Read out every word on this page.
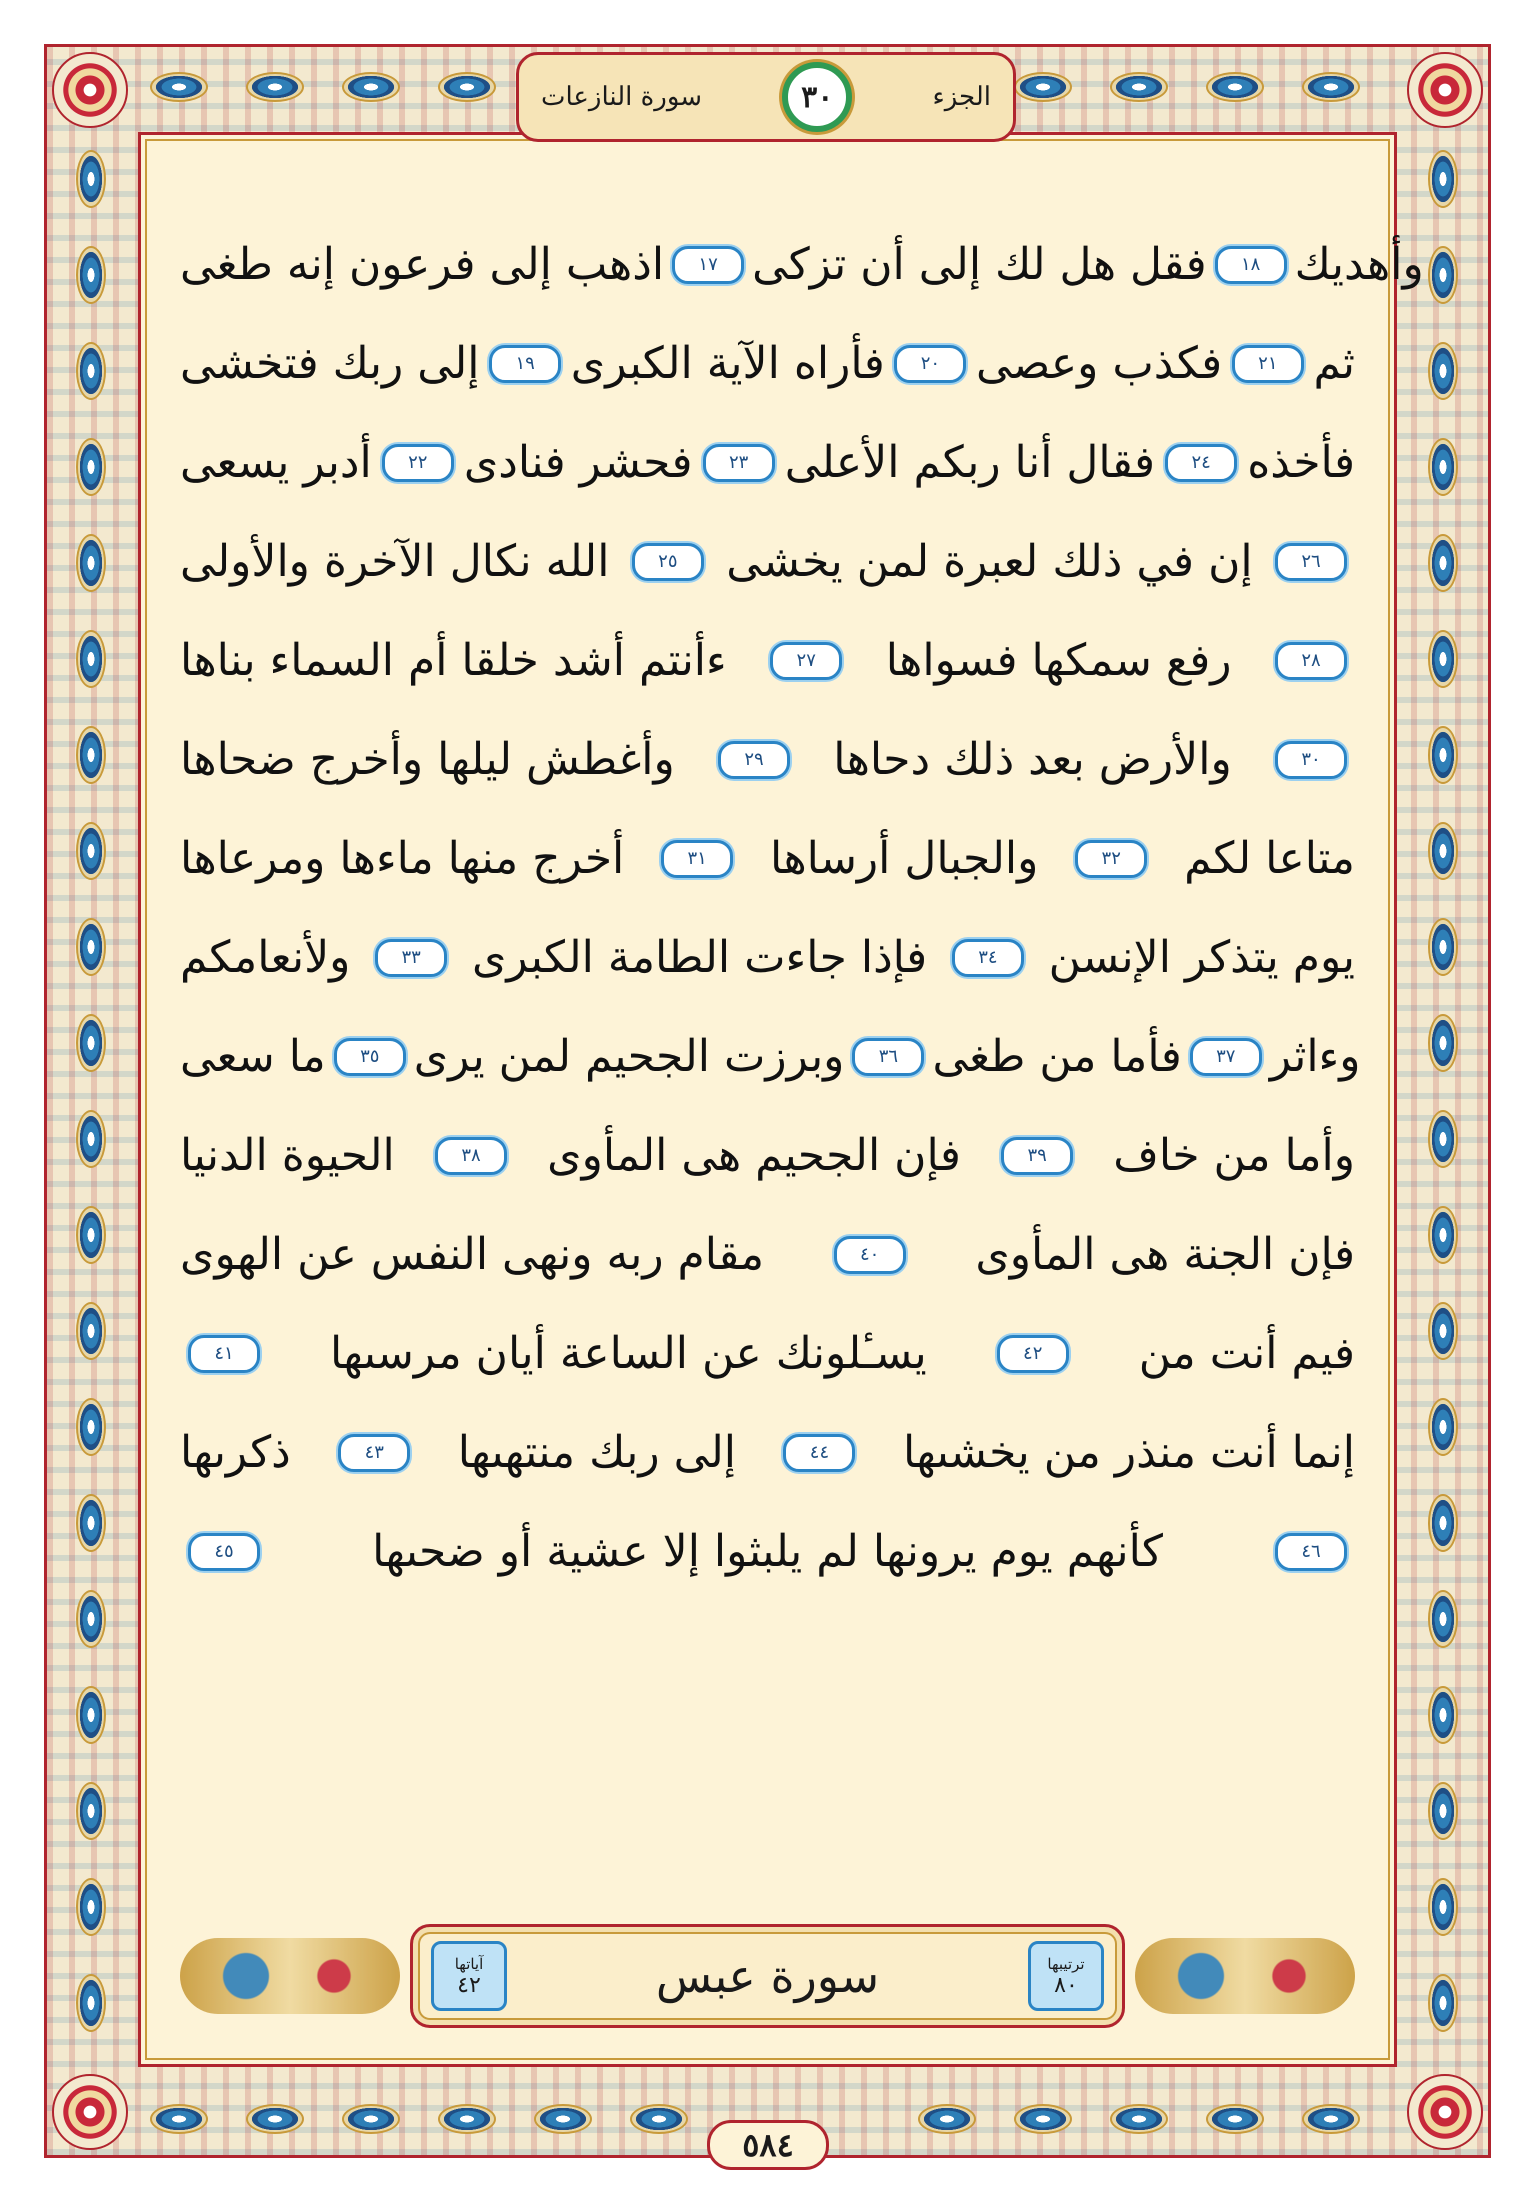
سورة النازعات	٣٠	الجزء
اذهب إلى فرعون إنه طغى	١٧ فقل هل لك إلى أن تزكى	١٨ وأهديك
إلى ربك فتخشى	١٩ فأراه الآية الكبرى	٢٠ فكذب وعصى	٢١ ثم
أدبر يسعى	٢٢ فحشر فنادى	٢٣ فقال أنا ربكم الأعلى	٢٤ فأخذه
الله نكال الآخرة والأولى	٢٥	إن في ذلك لعبرة لمن يخشى	٢٦
ءأنتم أشد خلقا أم السماء بناها	٢٧	رفع سمكها فسواها	٢٨
وأغطش ليلها وأخرج ضحاها	٢٩	والأرض بعد ذلك دحاها	٣٠
أخرج منها ماءها ومرعاها	٣١	والجبال أرساها	٣٢	متاعا لكم
ولأنعامكم	٣٣	فإذا جاءت الطامة الكبرى	٣٤	يوم يتذكر الإنسن
ما سعى	٣٥ وبرزت الجحيم لمن يرى	٣٦ فأما من طغى	٣٧ وءاثر
الحيوة الدنيا	٣٨	فإن الجحيم هى المأوى	٣٩	وأما من خاف
مقام ربه ونهى النفس عن الهوى	٤٠	فإن الجنة هى المأوى
٤١	يسـٔلونك عن الساعة أيان مرسىها	٤٢	فيم أنت من
ذكرىها	٤٣	إلى ربك منتهىها	٤٤	إنما أنت منذر من يخشىها
٤٥	كأنهم يوم يرونها لم يلبثوا إلا عشية أو ضحىها	٤٦
آياتها
٤٢	سورة عبس	ترتيبها
٨٠
٥٨٤
